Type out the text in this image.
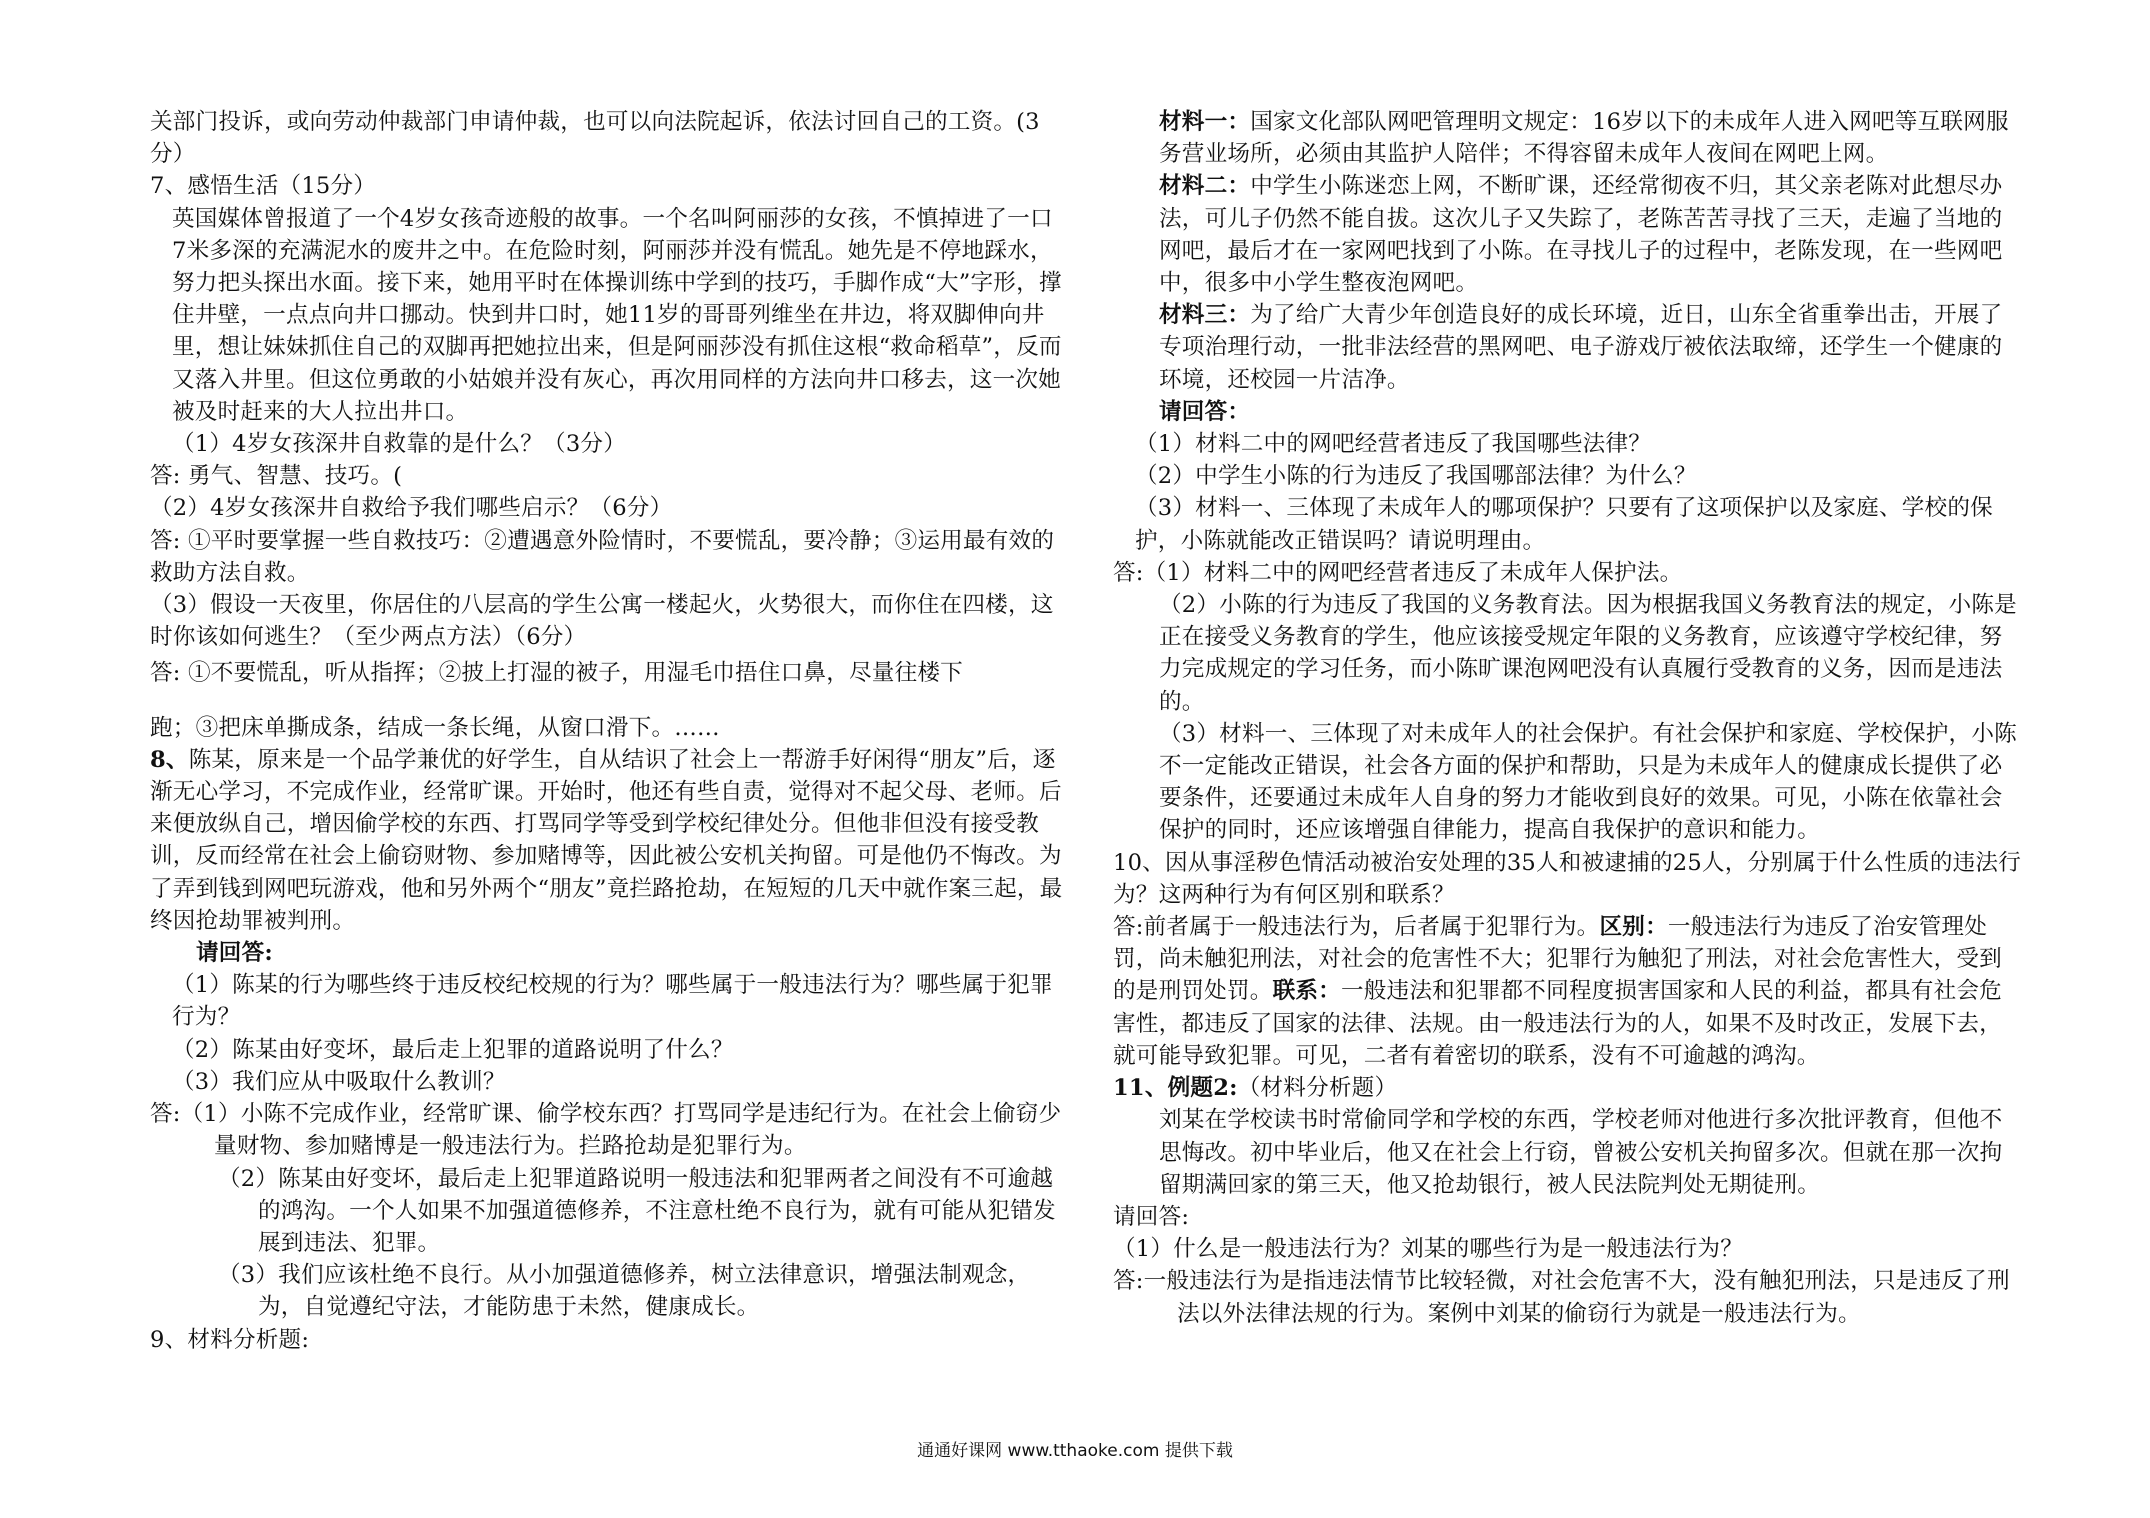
关部门投诉，或向劳动仲裁部门申请仲裁，也可以向法院起诉，依法讨回自己的工资。(3分）

7、感悟生活（15分）

英国媒体曾报道了一个4岁女孩奇迹般的故事。一个名叫阿丽莎的女孩，不慎掉进了一口7米多深的充满泥水的废井之中。在危险时刻，阿丽莎并没有慌乱。她先是不停地踩水，努力把头探出水面。接下来，她用平时在体操训练中学到的技巧，手脚作成“大”字形，撑住井壁，一点点向井口挪动。快到井口时，她11岁的哥哥列维坐在井边，将双脚伸向井里，想让妹妹抓住自己的双脚再把她拉出来，但是阿丽莎没有抓住这根“救命稻草”，反而又落入井里。但这位勇敢的小姑娘并没有灰心，再次用同样的方法向井口移去，这一次她被及时赶来的大人拉出井口。

（1）4岁女孩深井自救靠的是什么？（3分）

答: 勇气、智慧、技巧。(

（2）4岁女孩深井自救给予我们哪些启示？（6分）

答: ①平时要掌握一些自救技巧：②遭遇意外险情时，不要慌乱，要冷静；③运用最有效的救助方法自救。

（3）假设一天夜里，你居住的八层高的学生公寓一楼起火，火势很大，而你住在四楼，这时你该如何逃生？（至少两点方法）（6分）

答: ①不要慌乱，听从指挥；②披上打湿的被子，用湿毛巾捂住口鼻，尽量往楼下

跑；③把床单撕成条，结成一条长绳，从窗口滑下。……

8、陈某，原来是一个品学兼优的好学生，自从结识了社会上一帮游手好闲得“朋友”后，逐渐无心学习，不完成作业，经常旷课。开始时，他还有些自责，觉得对不起父母、老师。后来便放纵自己，增因偷学校的东西、打骂同学等受到学校纪律处分。但他非但没有接受教训，反而经常在社会上偷窃财物、参加赌博等，因此被公安机关拘留。可是他仍不悔改。为了弄到钱到网吧玩游戏，他和另外两个“朋友”竟拦路抢劫，在短短的几天中就作案三起，最终因抢劫罪被判刑。

请回答:

（1）陈某的行为哪些终于违反校纪校规的行为？哪些属于一般违法行为？哪些属于犯罪行为？

（2）陈某由好变坏，最后走上犯罪的道路说明了什么？

（3）我们应从中吸取什么教训？

答:（1）小陈不完成作业，经常旷课、偷学校东西？打骂同学是违纪行为。在社会上偷窃少量财物、参加赌博是一般违法行为。拦路抢劫是犯罪行为。

（2）陈某由好变坏，最后走上犯罪道路说明一般违法和犯罪两者之间没有不可逾越的鸿沟。一个人如果不加强道德修养，不注意杜绝不良行为，就有可能从犯错发展到违法、犯罪。

（3）我们应该杜绝不良行。从小加强道德修养，树立法律意识，增强法制观念，为，自觉遵纪守法，才能防患于未然，健康成长。

9、材料分析题:

材料一：国家文化部队网吧管理明文规定：16岁以下的未成年人进入网吧等互联网服务营业场所，必须由其监护人陪伴；不得容留未成年人夜间在网吧上网。

材料二：中学生小陈迷恋上网，不断旷课，还经常彻夜不归，其父亲老陈对此想尽办法，可儿子仍然不能自拔。这次儿子又失踪了，老陈苦苦寻找了三天，走遍了当地的网吧，最后才在一家网吧找到了小陈。在寻找儿子的过程中，老陈发现，在一些网吧中，很多中小学生整夜泡网吧。

材料三：为了给广大青少年创造良好的成长环境，近日，山东全省重拳出击，开展了专项治理行动，一批非法经营的黑网吧、电子游戏厅被依法取缔，还学生一个健康的环境，还校园一片洁净。

请回答：

（1）材料二中的网吧经营者违反了我国哪些法律？

（2）中学生小陈的行为违反了我国哪部法律？为什么？

（3）材料一、三体现了未成年人的哪项保护？只要有了这项保护以及家庭、学校的保护，小陈就能改正错误吗？请说明理由。

答:（1）材料二中的网吧经营者违反了未成年人保护法。

（2）小陈的行为违反了我国的义务教育法。因为根据我国义务教育法的规定，小陈是正在接受义务教育的学生，他应该接受规定年限的义务教育，应该遵守学校纪律，努力完成规定的学习任务，而小陈旷课泡网吧没有认真履行受教育的义务，因而是违法的。

（3）材料一、三体现了对未成年人的社会保护。有社会保护和家庭、学校保护，小陈不一定能改正错误，社会各方面的保护和帮助，只是为未成年人的健康成长提供了必要条件，还要通过未成年人自身的努力才能收到良好的效果。可见，小陈在依靠社会保护的同时，还应该增强自律能力，提高自我保护的意识和能力。

10、因从事淫秽色情活动被治安处理的35人和被逮捕的25人，分别属于什么性质的违法行为？这两种行为有何区别和联系？

答:前者属于一般违法行为，后者属于犯罪行为。区别：一般违法行为违反了治安管理处罚，尚未触犯刑法，对社会的危害性不大；犯罪行为触犯了刑法，对社会危害性大，受到的是刑罚处罚。联系：一般违法和犯罪都不同程度损害国家和人民的利益，都具有社会危害性，都违反了国家的法律、法规。由一般违法行为的人，如果不及时改正，发展下去，就可能导致犯罪。可见，二者有着密切的联系，没有不可逾越的鸿沟。

11、例题2:（材料分析题）

刘某在学校读书时常偷同学和学校的东西，学校老师对他进行多次批评教育，但他不思悔改。初中毕业后，他又在社会上行窃，曾被公安机关拘留多次。但就在那一次拘留期满回家的第三天，他又抢劫银行，被人民法院判处无期徒刑。

请回答:

（1）什么是一般违法行为？刘某的哪些行为是一般违法行为？

答:一般违法行为是指违法情节比较轻微，对社会危害不大，没有触犯刑法，只是违反了刑法以外法律法规的行为。案例中刘某的偷窃行为就是一般违法行为。

通通好课网 www.tthaoke.com 提供下载
